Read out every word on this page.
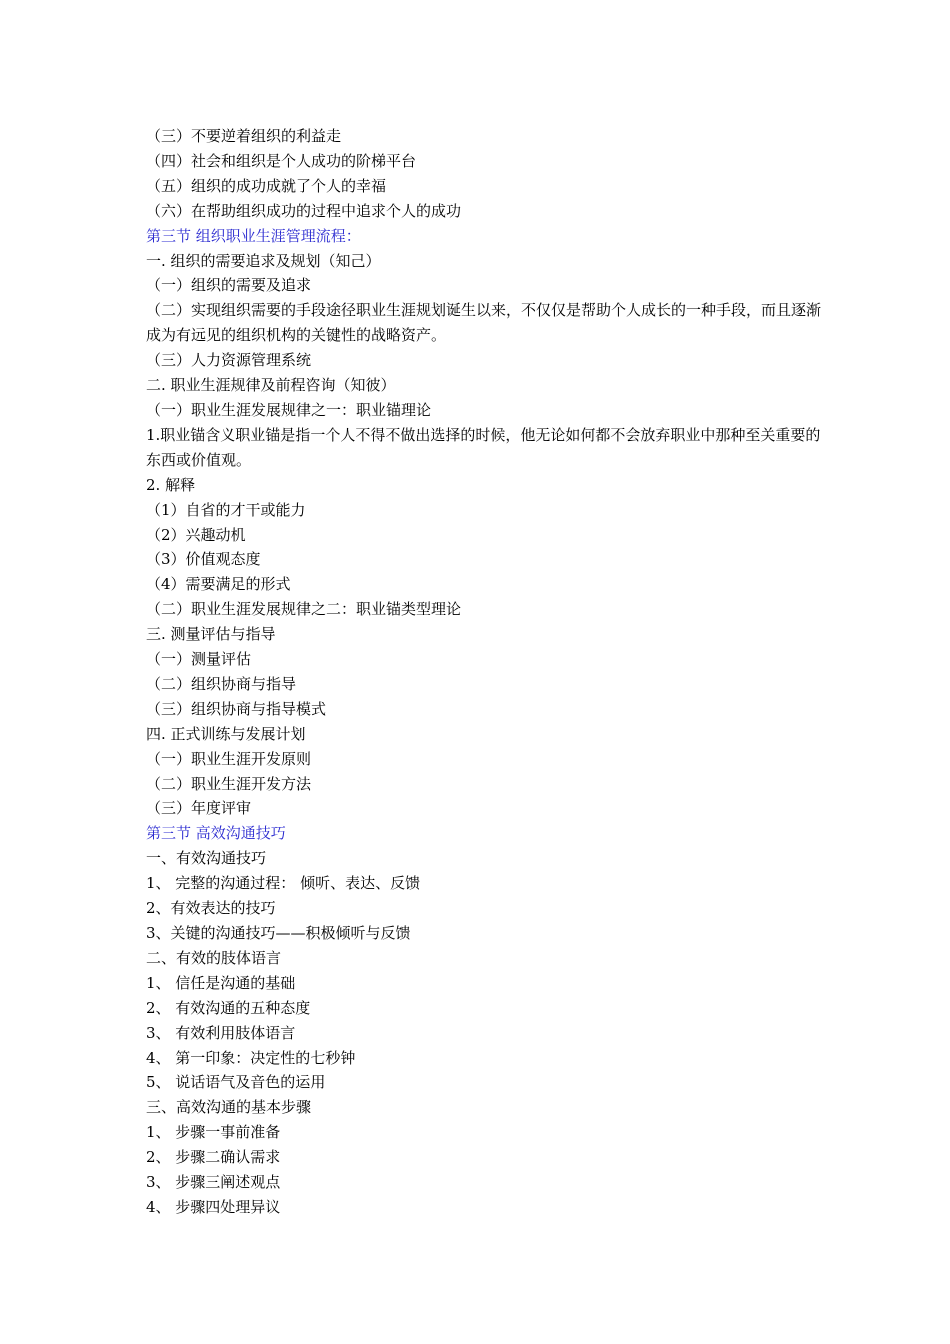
（三）不要逆着组织的利益走
（四）社会和组织是个人成功的阶梯平台
（五）组织的成功成就了个人的幸福
（六）在帮助组织成功的过程中追求个人的成功
第三节 组织职业生涯管理流程：
一. 组织的需要追求及规划（知己）
（一）组织的需要及追求
（二）实现组织需要的手段途径职业生涯规划诞生以来，不仅仅是帮助个人成长的一种手段，而且逐渐成为有远见的组织机构的关键性的战略资产。
（三）人力资源管理系统
二. 职业生涯规律及前程咨询（知彼）
（一）职业生涯发展规律之一：职业锚理论
1.职业锚含义职业锚是指一个人不得不做出选择的时候，他无论如何都不会放弃职业中那种至关重要的东西或价值观。
2. 解释
（1）自省的才干或能力
（2）兴趣动机
（3）价值观态度
（4）需要满足的形式
（二）职业生涯发展规律之二：职业锚类型理论
三. 测量评估与指导
（一）测量评估
（二）组织协商与指导
（三）组织协商与指导模式
四. 正式训练与发展计划
（一）职业生涯开发原则
（二）职业生涯开发方法
（三）年度评审
第三节 高效沟通技巧
一、有效沟通技巧
1、 完整的沟通过程： 倾听、表达、反馈
2、有效表达的技巧
3、关键的沟通技巧——积极倾听与反馈
二、有效的肢体语言
1、 信任是沟通的基础
2、 有效沟通的五种态度
3、 有效利用肢体语言
4、 第一印象：决定性的七秒钟
5、 说话语气及音色的运用
三、高效沟通的基本步骤
1、 步骤一事前准备
2、 步骤二确认需求
3、 步骤三阐述观点
4、 步骤四处理异议
